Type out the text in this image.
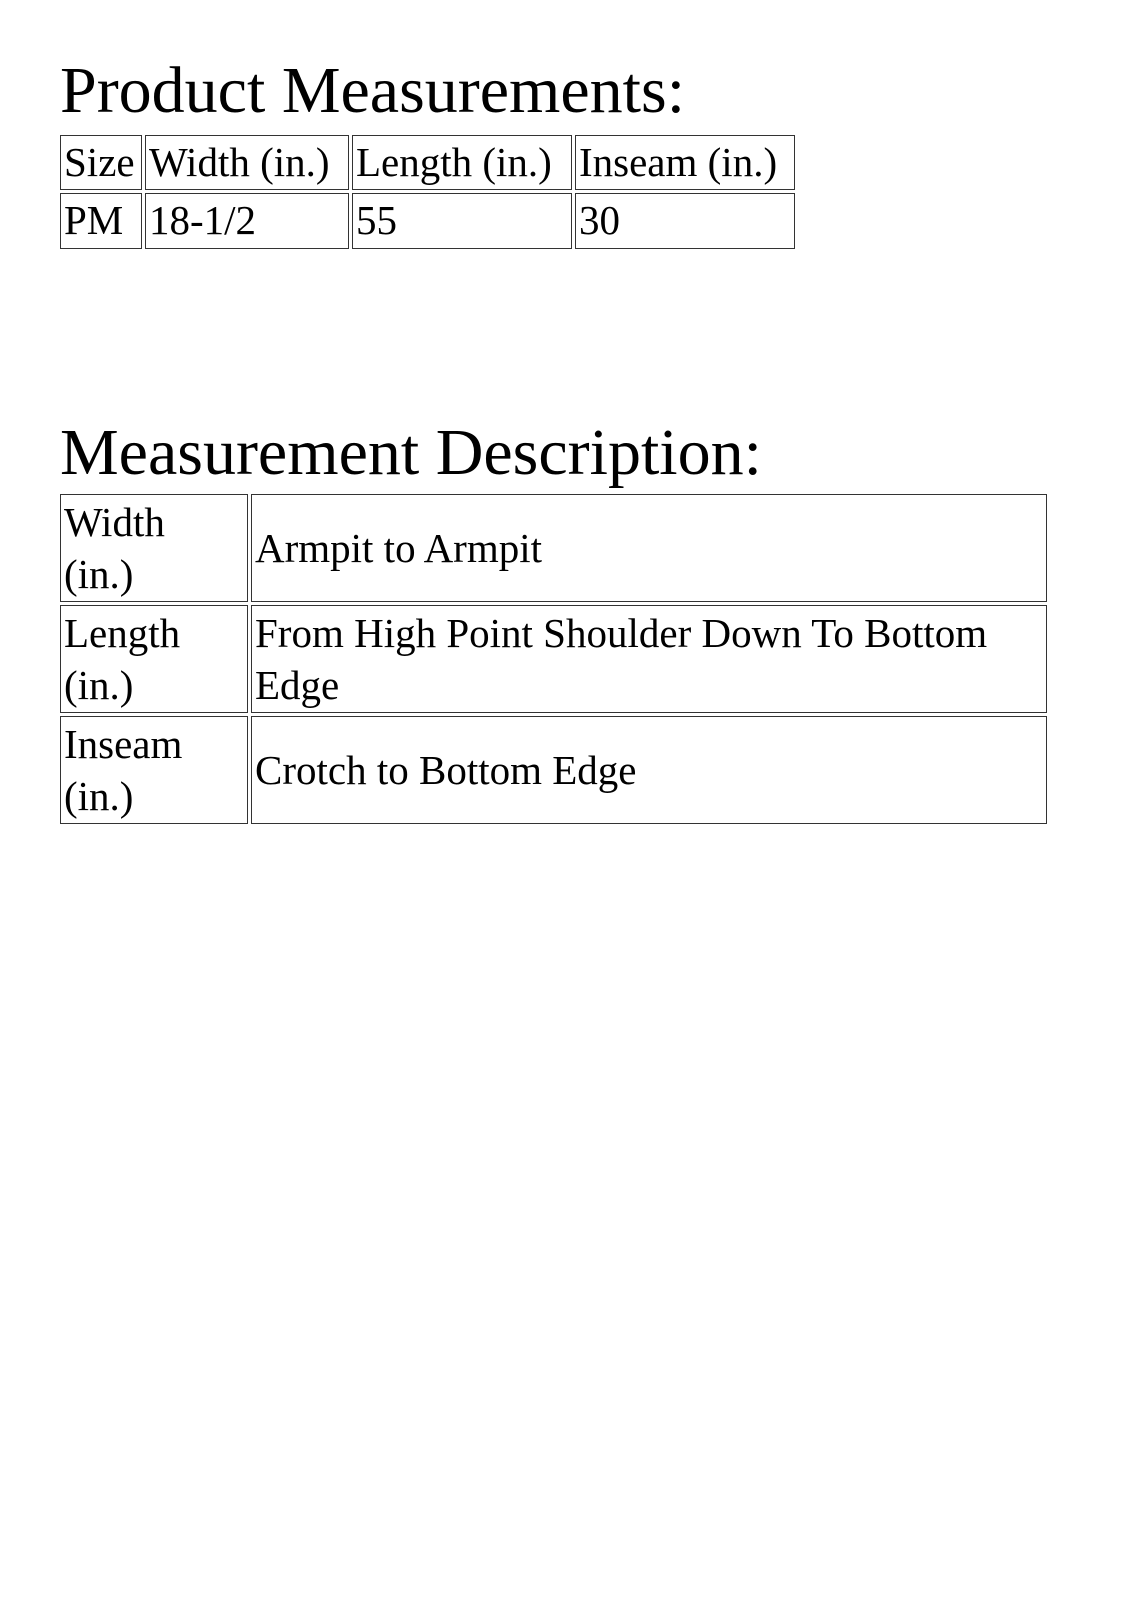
Product Measurements:
Size	Width (in.)	Length (in.)	Inseam (in.)
PM	18-1/2	55	30
Measurement Description:
Width (in.)	Armpit to Armpit
Length (in.)	From High Point Shoulder Down To Bottom Edge
Inseam (in.)	Crotch to Bottom Edge
